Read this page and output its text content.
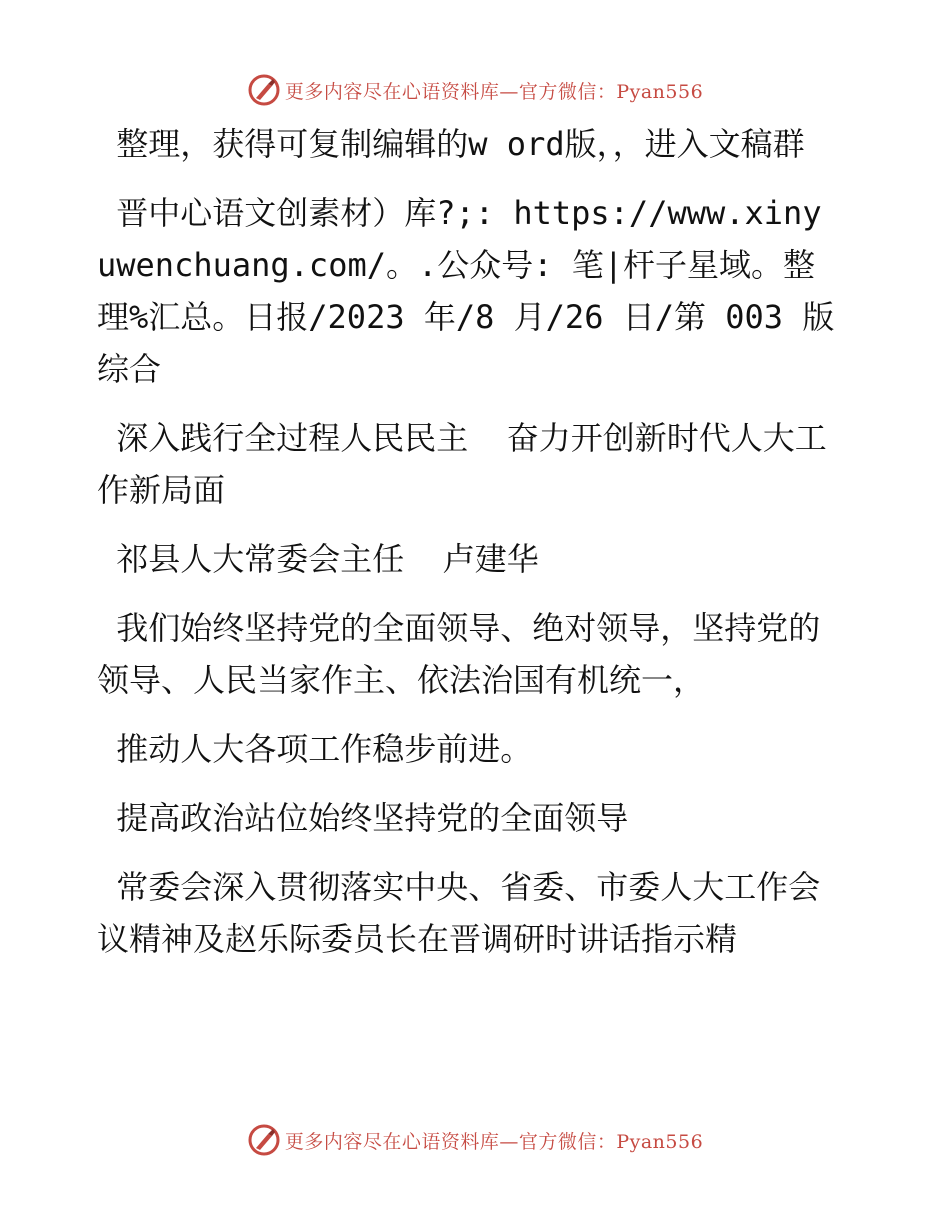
更多内容尽在心语资料库—官方微信：Pyan556

整理，获得可复制编辑的w ord版，，进入文稿群

晋中心语文创素材）库?;: https://www.xinyuwenchuang.com/。.公众号: 笔|杆子星域。整理%汇总。日报/2023 年/8 月/26 日/第 003 版综合

深入践行全过程人民民主  奋力开创新时代人大工作新局面

祁县人大常委会主任  卢建华

我们始终坚持党的全面领导、绝对领导，坚持党的领导、人民当家作主、依法治国有机统一，

推动人大各项工作稳步前进。

提高政治站位始终坚持党的全面领导

常委会深入贯彻落实中央、省委、市委人大工作会议精神及赵乐际委员长在晋调研时讲话指示精

更多内容尽在心语资料库—官方微信：Pyan556
